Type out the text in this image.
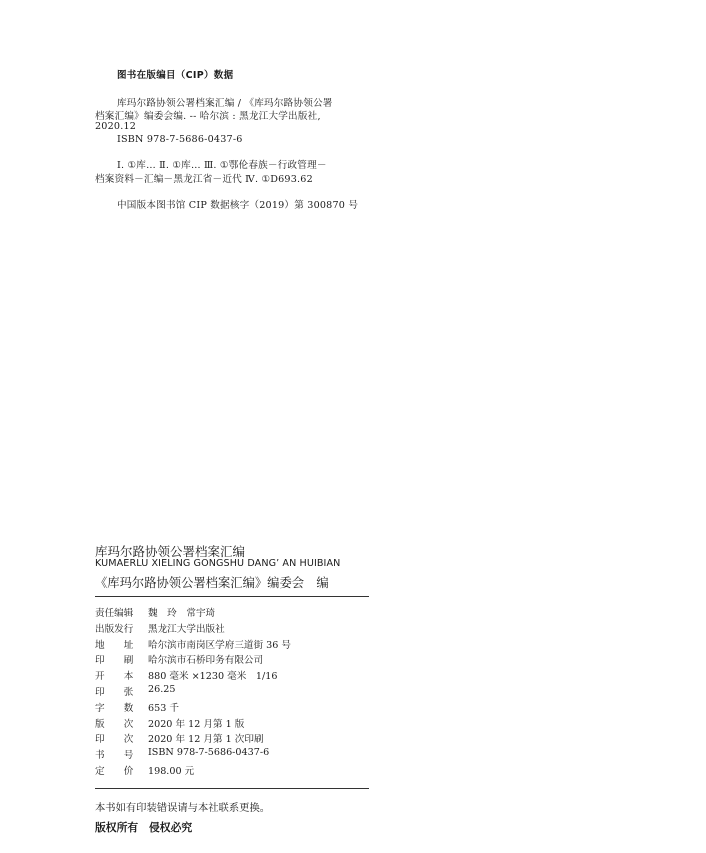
图书在版编目（CIP）数据
库玛尔路协领公署档案汇编 / 《库玛尔路协领公署
档案汇编》编委会编. -- 哈尔滨 : 黑龙江大学出版社,
2020.12
ISBN 978-7-5686-0437-6
Ⅰ. ①库… Ⅱ. ①库… Ⅲ. ①鄂伦春族－行政管理－
档案资料－汇编－黑龙江省－近代 Ⅳ. ①D693.62
中国版本图书馆 CIP 数据核字（2019）第 300870 号
库玛尔路协领公署档案汇编
KUMAERLU XIELING GONGSHU DANG’ AN HUIBIAN
《库玛尔路协领公署档案汇编》编委会　编
责任编辑	魏　玲　常宇琦
出版发行	黑龙江大学出版社
地　　址	哈尔滨市南岗区学府三道街 36 号
印　　刷	哈尔滨市石桥印务有限公司
开　　本	880 毫米 ×1230 毫米　1/16
印　　张	26.25
字　　数	653 千
版　　次	2020 年 12 月第 1 版
印　　次	2020 年 12 月第 1 次印刷
书　　号	ISBN 978-7-5686-0437-6
定　　价	198.00 元
本书如有印装错误请与本社联系更换。
版权所有　侵权必究
